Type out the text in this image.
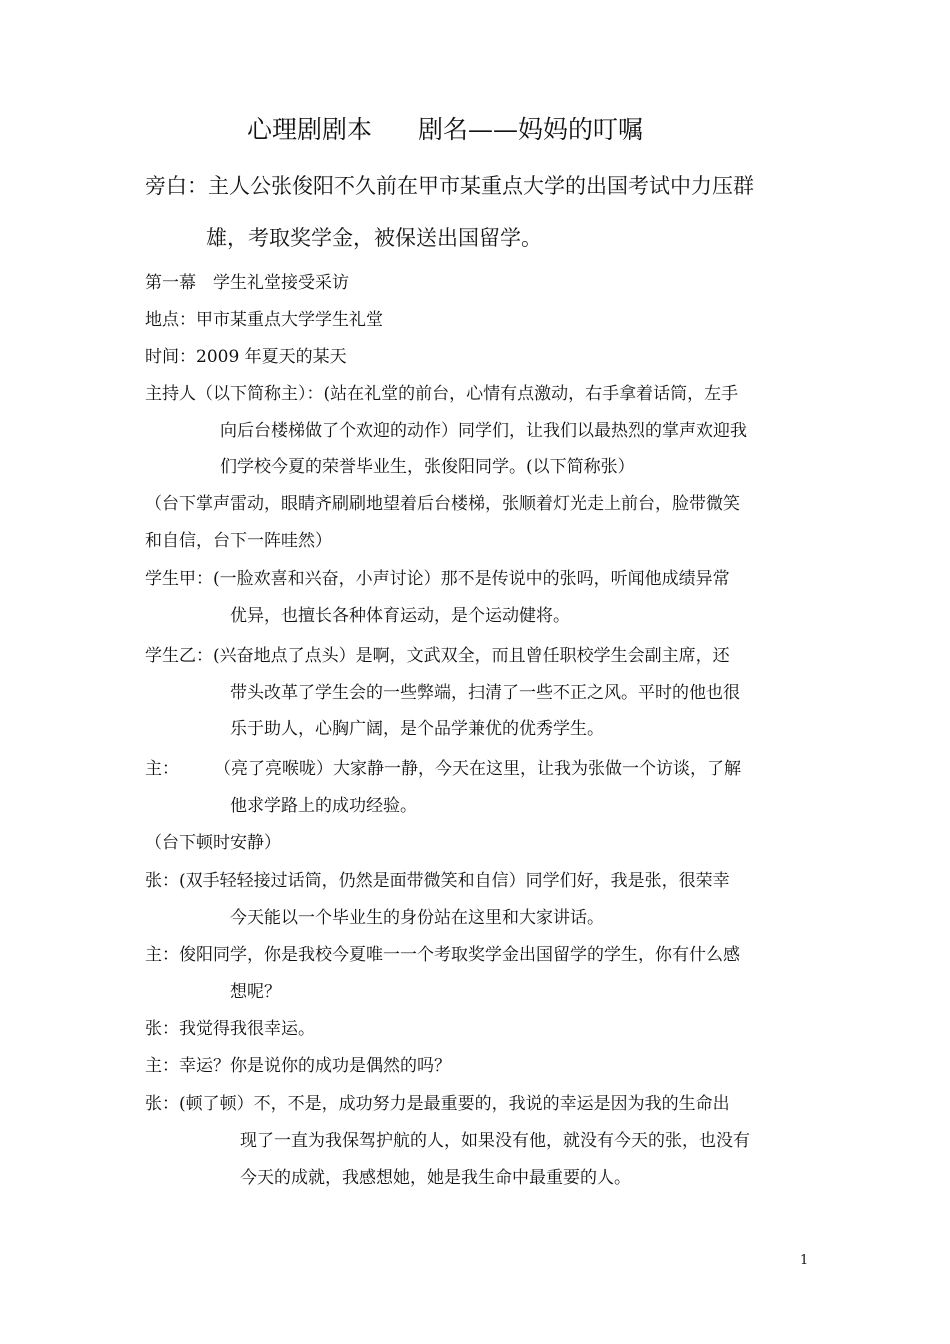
心理剧剧本 剧名——妈妈的叮嘱
旁白：主人公张俊阳不久前在甲市某重点大学的出国考试中力压群
雄，考取奖学金，被保送出国留学。
第一幕　学生礼堂接受采访
地点：甲市某重点大学学生礼堂
时间：2009 年夏天的某天
主持人（以下简称主）：(站在礼堂的前台，心情有点激动，右手拿着话筒，左手
向后台楼梯做了个欢迎的动作）同学们，让我们以最热烈的掌声欢迎我
们学校今夏的荣誉毕业生，张俊阳同学。(以下简称张）
（台下掌声雷动，眼睛齐刷刷地望着后台楼梯，张顺着灯光走上前台，脸带微笑
和自信，台下一阵哇然）
学生甲：(一脸欢喜和兴奋，小声讨论）那不是传说中的张吗，听闻他成绩异常
优异，也擅长各种体育运动，是个运动健将。
学生乙：(兴奋地点了点头）是啊，文武双全，而且曾任职校学生会副主席，还
带头改革了学生会的一些弊端，扫清了一些不正之风。平时的他也很
乐于助人，心胸广阔，是个品学兼优的优秀学生。
主： （亮了亮喉咙）大家静一静，今天在这里，让我为张做一个访谈，了解
他求学路上的成功经验。
（台下顿时安静）
张：(双手轻轻接过话筒，仍然是面带微笑和自信）同学们好，我是张，很荣幸
今天能以一个毕业生的身份站在这里和大家讲话。
主：俊阳同学，你是我校今夏唯一一个考取奖学金出国留学的学生，你有什么感
想呢？
张：我觉得我很幸运。
主：幸运？你是说你的成功是偶然的吗？
张：(顿了顿）不，不是，成功努力是最重要的，我说的幸运是因为我的生命出
现了一直为我保驾护航的人，如果没有他，就没有今天的张，也没有
今天的成就，我感想她，她是我生命中最重要的人。
1
